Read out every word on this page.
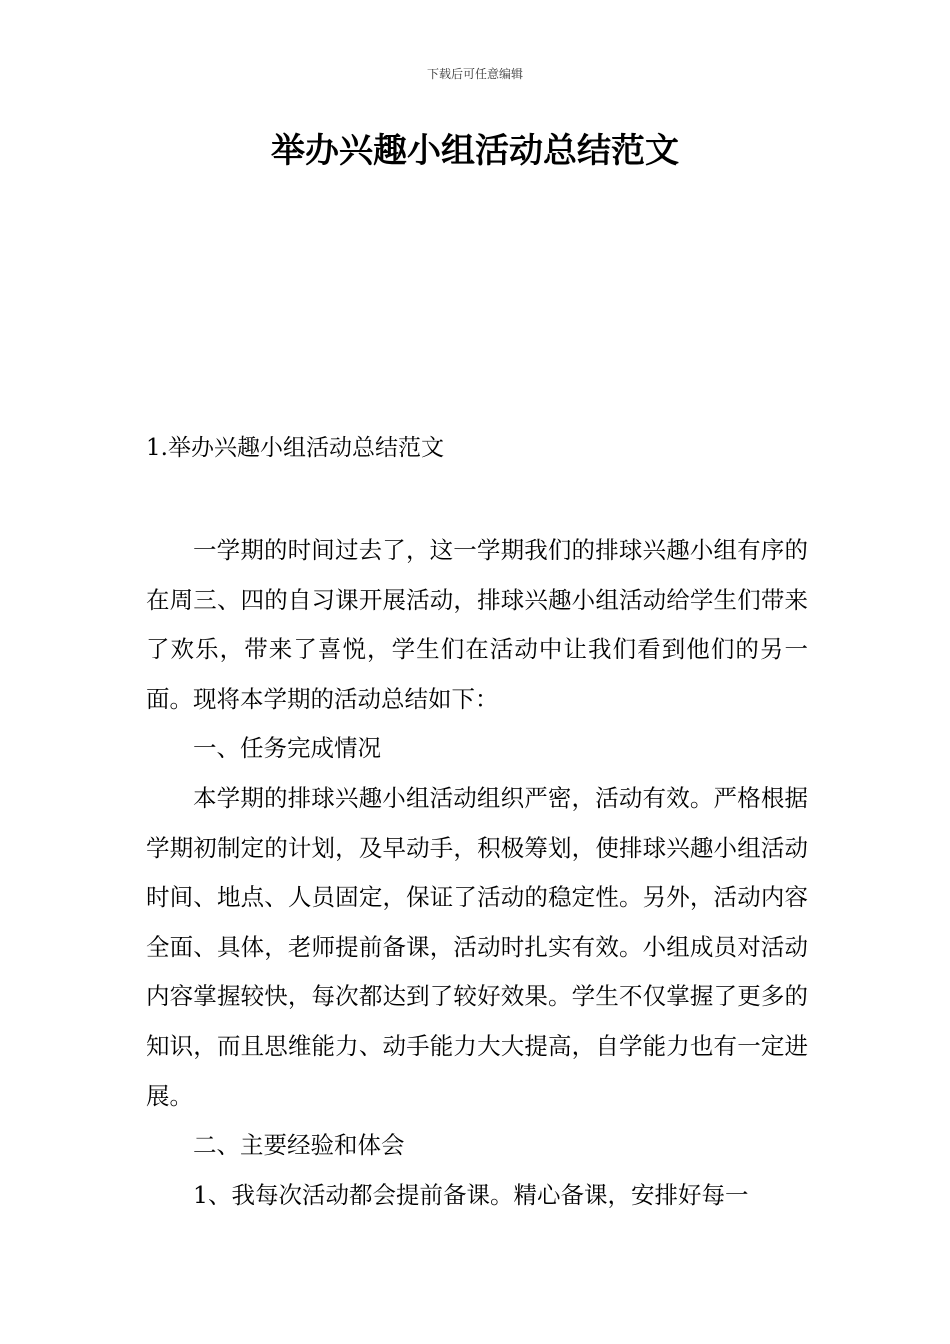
下载后可任意编辑
举办兴趣小组活动总结范文
1.举办兴趣小组活动总结范文

一学期的时间过去了，这一学期我们的排球兴趣小组有序的在周三、四的自习课开展活动，排球兴趣小组活动给学生们带来了欢乐，带来了喜悦，学生们在活动中让我们看到他们的另一面。现将本学期的活动总结如下：

一、任务完成情况

本学期的排球兴趣小组活动组织严密，活动有效。严格根据学期初制定的计划，及早动手，积极筹划，使排球兴趣小组活动时间、地点、人员固定，保证了活动的稳定性。另外，活动内容全面、具体，老师提前备课，活动时扎实有效。小组成员对活动内容掌握较快，每次都达到了较好效果。学生不仅掌握了更多的知识，而且思维能力、动手能力大大提高，自学能力也有一定进展。

二、主要经验和体会

1、我每次活动都会提前备课。精心备课，安排好每一
